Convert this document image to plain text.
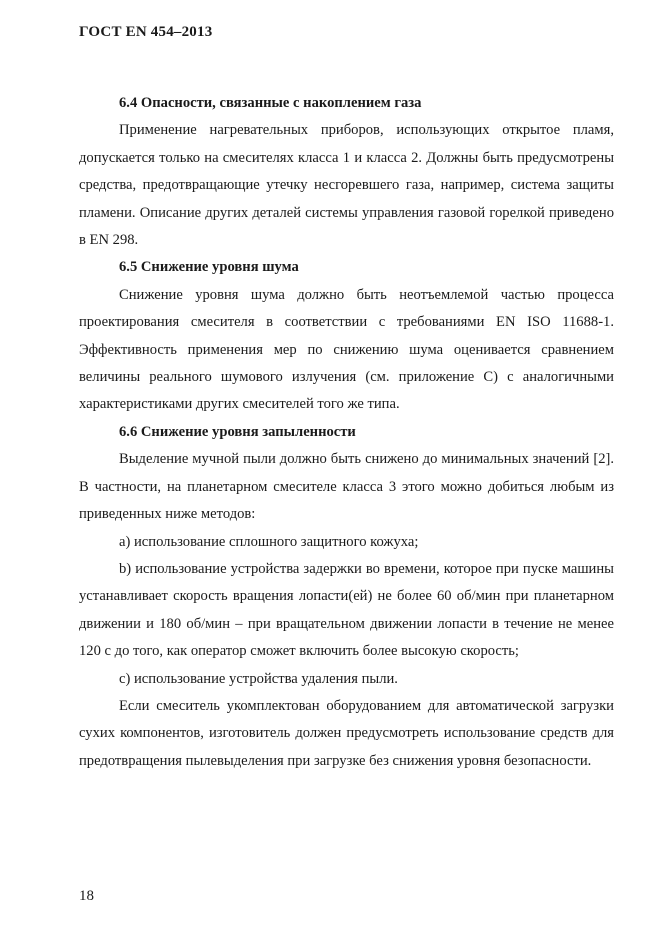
ГОСТ EN 454–2013
6.4 Опасности, связанные с накоплением газа

Применение нагревательных приборов, использующих открытое пламя, допускается только на смесителях класса 1 и класса 2. Должны быть предусмотрены средства, предотвращающие утечку несгоревшего газа, например, система защиты пламени. Описание других деталей системы управления газовой горелкой приведено в EN 298.

6.5 Снижение уровня шума

Снижение уровня шума должно быть неотъемлемой частью процесса проектирования смесителя в соответствии с требованиями EN ISO 11688-1. Эффективность применения мер по снижению шума оценивается сравнением величины реального шумового излучения (см. приложение С) с аналогичными характеристиками других смесителей того же типа.

6.6 Снижение уровня запыленности

Выделение мучной пыли должно быть снижено до минимальных значений [2]. В частности, на планетарном смесителе класса 3 этого можно добиться любым из приведенных ниже методов:

a) использование сплошного защитного кожуха;

b) использование устройства задержки во времени, которое при пуске машины устанавливает скорость вращения лопасти(ей) не более 60 об/мин при планетарном движении и 180 об/мин – при вращательном движении лопасти в течение не менее 120 с до того, как оператор сможет включить более высокую скорость;

c) использование устройства удаления пыли.

Если смеситель укомплектован оборудованием для автоматической загрузки сухих компонентов, изготовитель должен предусмотреть использование средств для предотвращения пылевыделения при загрузке без снижения уровня безопасности.

18
